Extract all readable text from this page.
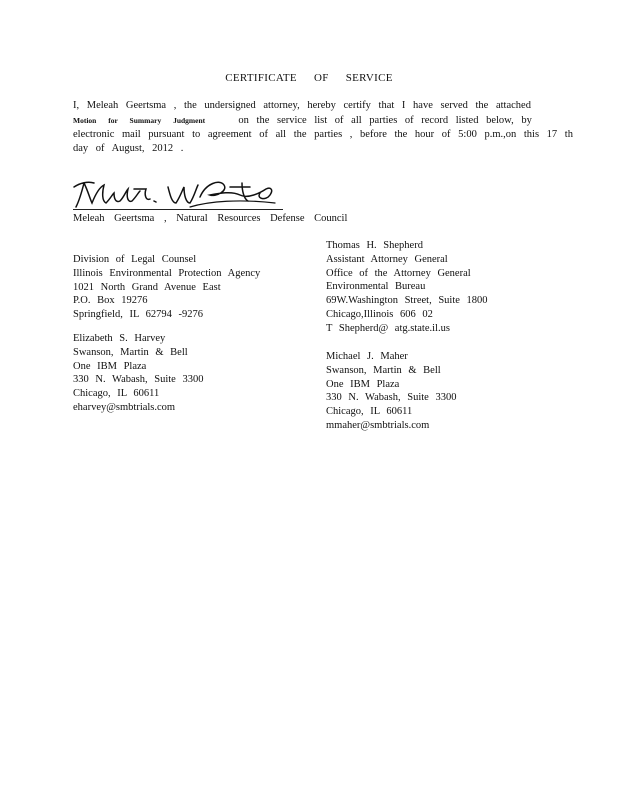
CERTIFICATE OF SERVICE
I, Meleah Geertsma , the undersigned attorney, hereby certify that I have served the attached
Motion for Summary Judgment	on the service list of all parties of record listed below, by
electronic mail pursuant to agreement of all the parties , before the hour of 5:00 p.m.,on this 17 th
day of August, 2012 .
Meleah Geertsma , Natural Resources Defense Council
Division of Legal Counsel
Illinois Environmental Protection Agency
1021 North Grand Avenue East
P.O. Box 19276
Springfield, IL 62794 -9276
Elizabeth S. Harvey
Swanson, Martin & Bell
One IBM Plaza
330 N. Wabash, Suite 3300
Chicago, IL 60611
eharvey@smbtrials.com
Thomas H. Shepherd
Assistant Attorney General
Office of the Attorney General
Environmental Bureau
69W.Washington Street, Suite 1800
Chicago,Illinois 606 02
T Shepherd@ atg.state.il.us
Michael J. Maher
Swanson, Martin & Bell
One IBM Plaza
330 N. Wabash, Suite 3300
Chicago, IL 60611
mmaher@smbtrials.com
